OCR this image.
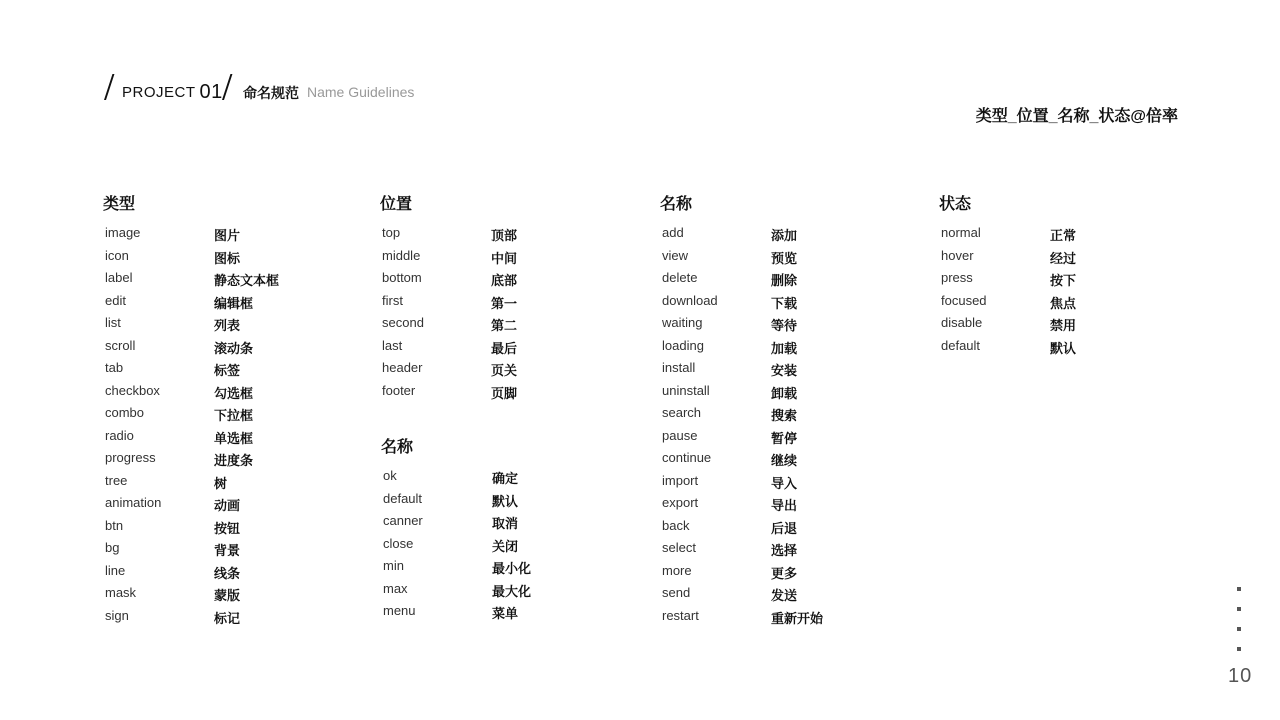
PROJECT 01 命名规范 Name Guidelines
类型_位置_名称_状态@倍率
类型
image	图片
icon	图标
label	静态文本框
edit	编辑框
list	列表
scroll	滚动条
tab	标签
checkbox	勾选框
combo	下拉框
radio	单选框
progress	进度条
tree	树
animation	动画
btn	按钮
bg	背景
line	线条
mask	蒙版
sign	标记
位置
top	顶部
middle	中间
bottom	底部
first	第一
second	第二
last	最后
header	页关
footer	页脚
名称
ok	确定
default	默认
canner	取消
close	关闭
min	最小化
max	最大化
menu	菜单
名称
add	添加
view	预览
delete	删除
download	下载
waiting	等待
loading	加载
install	安装
uninstall	卸载
search	搜索
pause	暂停
continue	继续
import	导入
export	导出
back	后退
select	选择
more	更多
send	发送
restart	重新开始
状态
normal	正常
hover	经过
press	按下
focused	焦点
disable	禁用
default	默认
10
